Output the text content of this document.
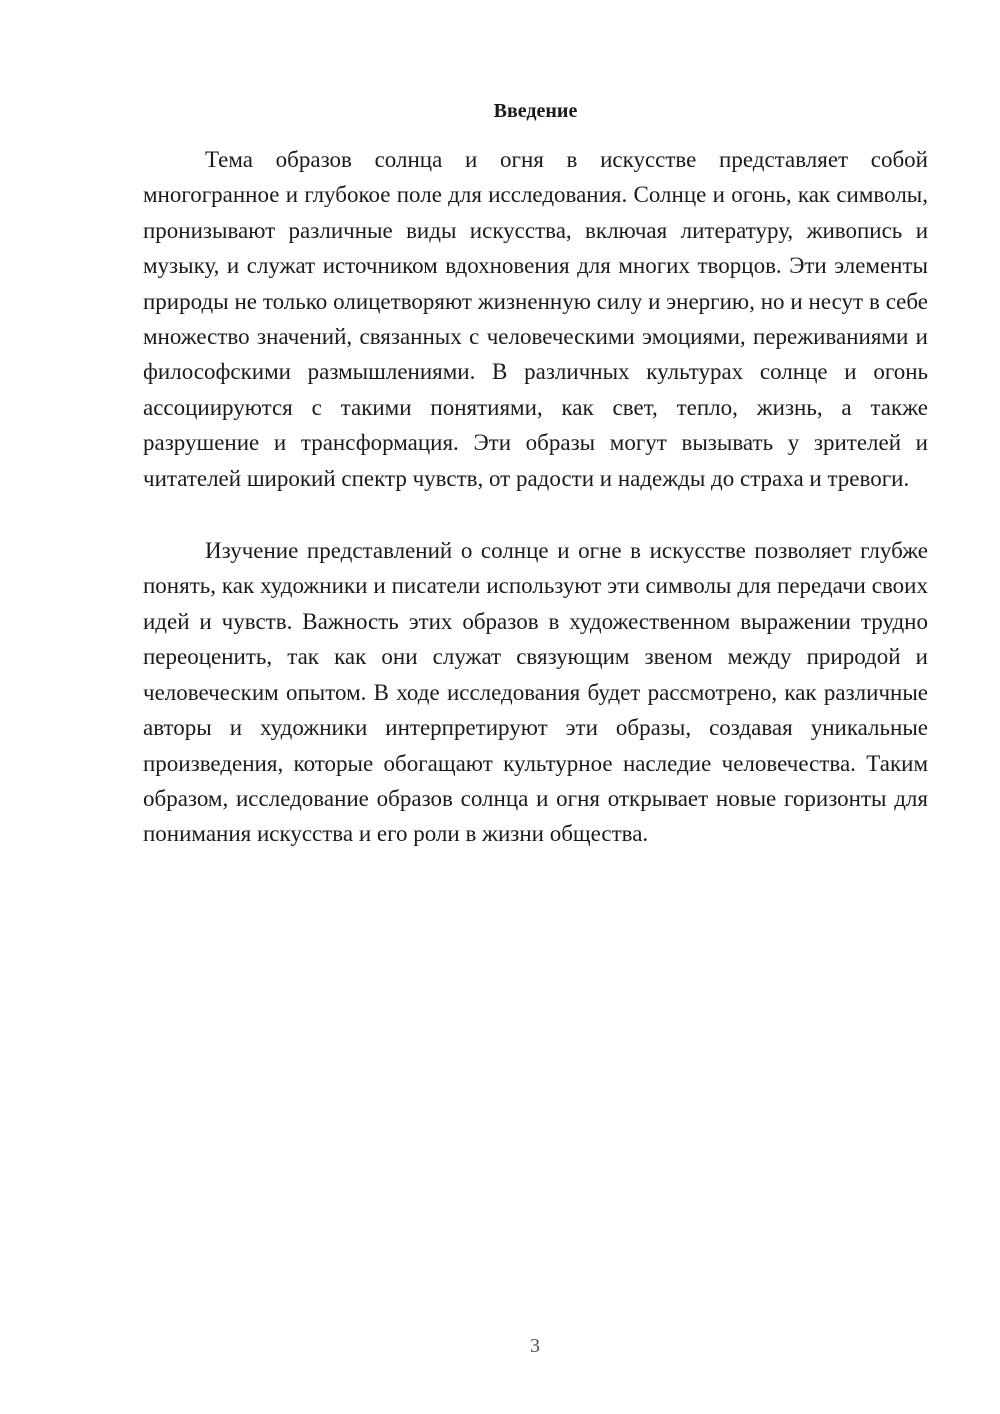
Введение

Тема образов солнца и огня в искусстве представляет собой многогранное и глубокое поле для исследования. Солнце и огонь, как символы, пронизывают различные виды искусства, включая литературу, живопись и музыку, и служат источником вдохновения для многих творцов. Эти элементы природы не только олицетворяют жизненную силу и энергию, но и несут в себе множество значений, связанных с человеческими эмоциями, переживаниями и философскими размышлениями. В различных культурах солнце и огонь ассоциируются с такими понятиями, как свет, тепло, жизнь, а также разрушение и трансформация. Эти образы могут вызывать у зрителей и читателей широкий спектр чувств, от радости и надежды до страха и тревоги.

Изучение представлений о солнце и огне в искусстве позволяет глубже понять, как художники и писатели используют эти символы для передачи своих идей и чувств. Важность этих образов в художественном выражении трудно переоценить, так как они служат связующим звеном между природой и человеческим опытом. В ходе исследования будет рассмотрено, как различные авторы и художники интерпретируют эти образы, создавая уникальные произведения, которые обогащают культурное наследие человечества. Таким образом, исследование образов солнца и огня открывает новые горизонты для понимания искусства и его роли в жизни общества.

3
